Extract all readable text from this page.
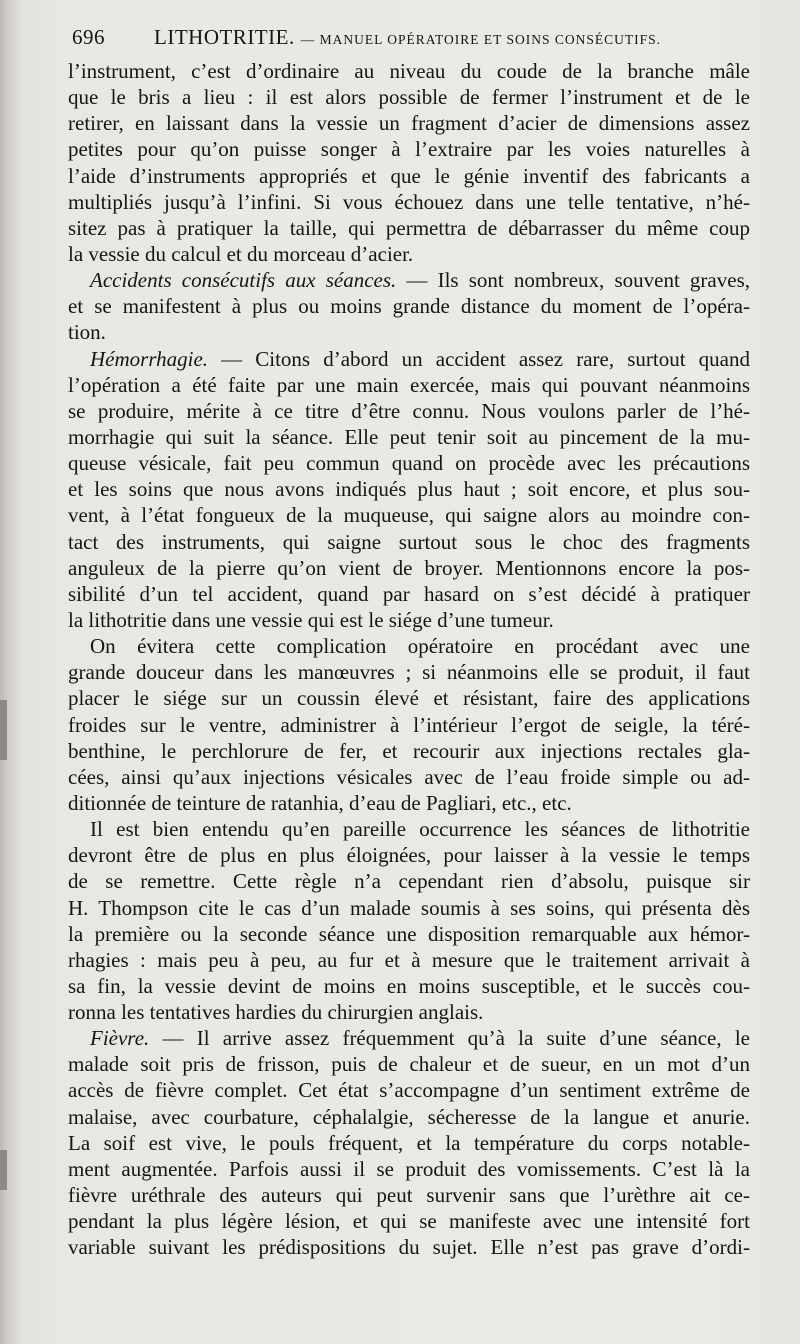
696 LITHOTRITIE. — MANUEL OPÉRATOIRE ET SOINS CONSÉCUTIFS.
l’instrument, c’est d’ordinaire au niveau du coude de la branche mâle
que le bris a lieu : il est alors possible de fermer l’instrument et de le
retirer, en laissant dans la vessie un fragment d’acier de dimensions assez
petites pour qu’on puisse songer à l’extraire par les voies naturelles à
l’aide d’instruments appropriés et que le génie inventif des fabricants a
multipliés jusqu’à l’infini. Si vous échouez dans une telle tentative, n’hé-
sitez pas à pratiquer la taille, qui permettra de débarrasser du même coup
la vessie du calcul et du morceau d’acier.
Accidents consécutifs aux séances. — Ils sont nombreux, souvent graves,
et se manifestent à plus ou moins grande distance du moment de l’opéra-
tion.
Hémorrhagie. — Citons d’abord un accident assez rare, surtout quand
l’opération a été faite par une main exercée, mais qui pouvant néanmoins
se produire, mérite à ce titre d’être connu. Nous voulons parler de l’hé-
morrhagie qui suit la séance. Elle peut tenir soit au pincement de la mu-
queuse vésicale, fait peu commun quand on procède avec les précautions
et les soins que nous avons indiqués plus haut ; soit encore, et plus sou-
vent, à l’état fongueux de la muqueuse, qui saigne alors au moindre con-
tact des instruments, qui saigne surtout sous le choc des fragments
anguleux de la pierre qu’on vient de broyer. Mentionnons encore la pos-
sibilité d’un tel accident, quand par hasard on s’est décidé à pratiquer
la lithotritie dans une vessie qui est le siége d’une tumeur.
On évitera cette complication opératoire en procédant avec une
grande douceur dans les manœuvres ; si néanmoins elle se produit, il faut
placer le siége sur un coussin élevé et résistant, faire des applications
froides sur le ventre, administrer à l’intérieur l’ergot de seigle, la téré-
benthine, le perchlorure de fer, et recourir aux injections rectales gla-
cées, ainsi qu’aux injections vésicales avec de l’eau froide simple ou ad-
ditionnée de teinture de ratanhia, d’eau de Pagliari, etc., etc.
Il est bien entendu qu’en pareille occurrence les séances de lithotritie
devront être de plus en plus éloignées, pour laisser à la vessie le temps
de se remettre. Cette règle n’a cependant rien d’absolu, puisque sir
H. Thompson cite le cas d’un malade soumis à ses soins, qui présenta dès
la première ou la seconde séance une disposition remarquable aux hémor-
rhagies : mais peu à peu, au fur et à mesure que le traitement arrivait à
sa fin, la vessie devint de moins en moins susceptible, et le succès cou-
ronna les tentatives hardies du chirurgien anglais.
Fièvre. — Il arrive assez fréquemment qu’à la suite d’une séance, le
malade soit pris de frisson, puis de chaleur et de sueur, en un mot d’un
accès de fièvre complet. Cet état s’accompagne d’un sentiment extrême de
malaise, avec courbature, céphalalgie, sécheresse de la langue et anurie.
La soif est vive, le pouls fréquent, et la température du corps notable-
ment augmentée. Parfois aussi il se produit des vomissements. C’est là la
fièvre uréthrale des auteurs qui peut survenir sans que l’urèthre ait ce-
pendant la plus légère lésion, et qui se manifeste avec une intensité fort
variable suivant les prédispositions du sujet. Elle n’est pas grave d’ordi-
